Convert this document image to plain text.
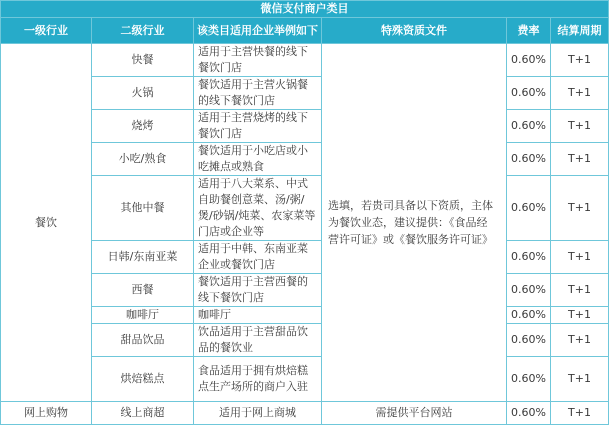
微信支付商户类目					
一级行业	二级行业	该类目适用企业举例如下	特殊资质文件	费率	结算周期
餐饮	快餐	适用于主营快餐的线下餐饮门店	选填，若贵司具备以下资质，主体为餐饮业态，建议提供：《食品经营许可证》或《餐饮服务许可证》	0.60%	T+1
	火锅	餐饮适用于主营火锅餐的线下餐饮门店		0.60%	T+1
	烧烤	适用于主营烧烤的线下餐饮门店		0.60%	T+1
	小吃/熟食	餐饮适用于小吃店或小吃摊点或熟食		0.60%	T+1
	其他中餐	适用于八大菜系、中式自助餐创意菜、汤/粥/煲/砂锅/炖菜、农家菜等门店或企业等		0.60%	T+1
	日韩/东南亚菜	适用于中韩、东南亚菜企业或餐饮门店		0.60%	T+1
	西餐	餐饮适用于主营西餐的线下餐饮门店		0.60%	T+1
	咖啡厅	咖啡厅		0.60%	T+1
	甜品饮品	饮品适用于主营甜品饮品的餐饮业		0.60%	T+1
	烘焙糕点	食品适用于拥有烘焙糕点生产场所的商户入驻		0.60%	T+1
网上购物	线上商超	适用于网上商城	需提供平台网站	0.60%	T+1
